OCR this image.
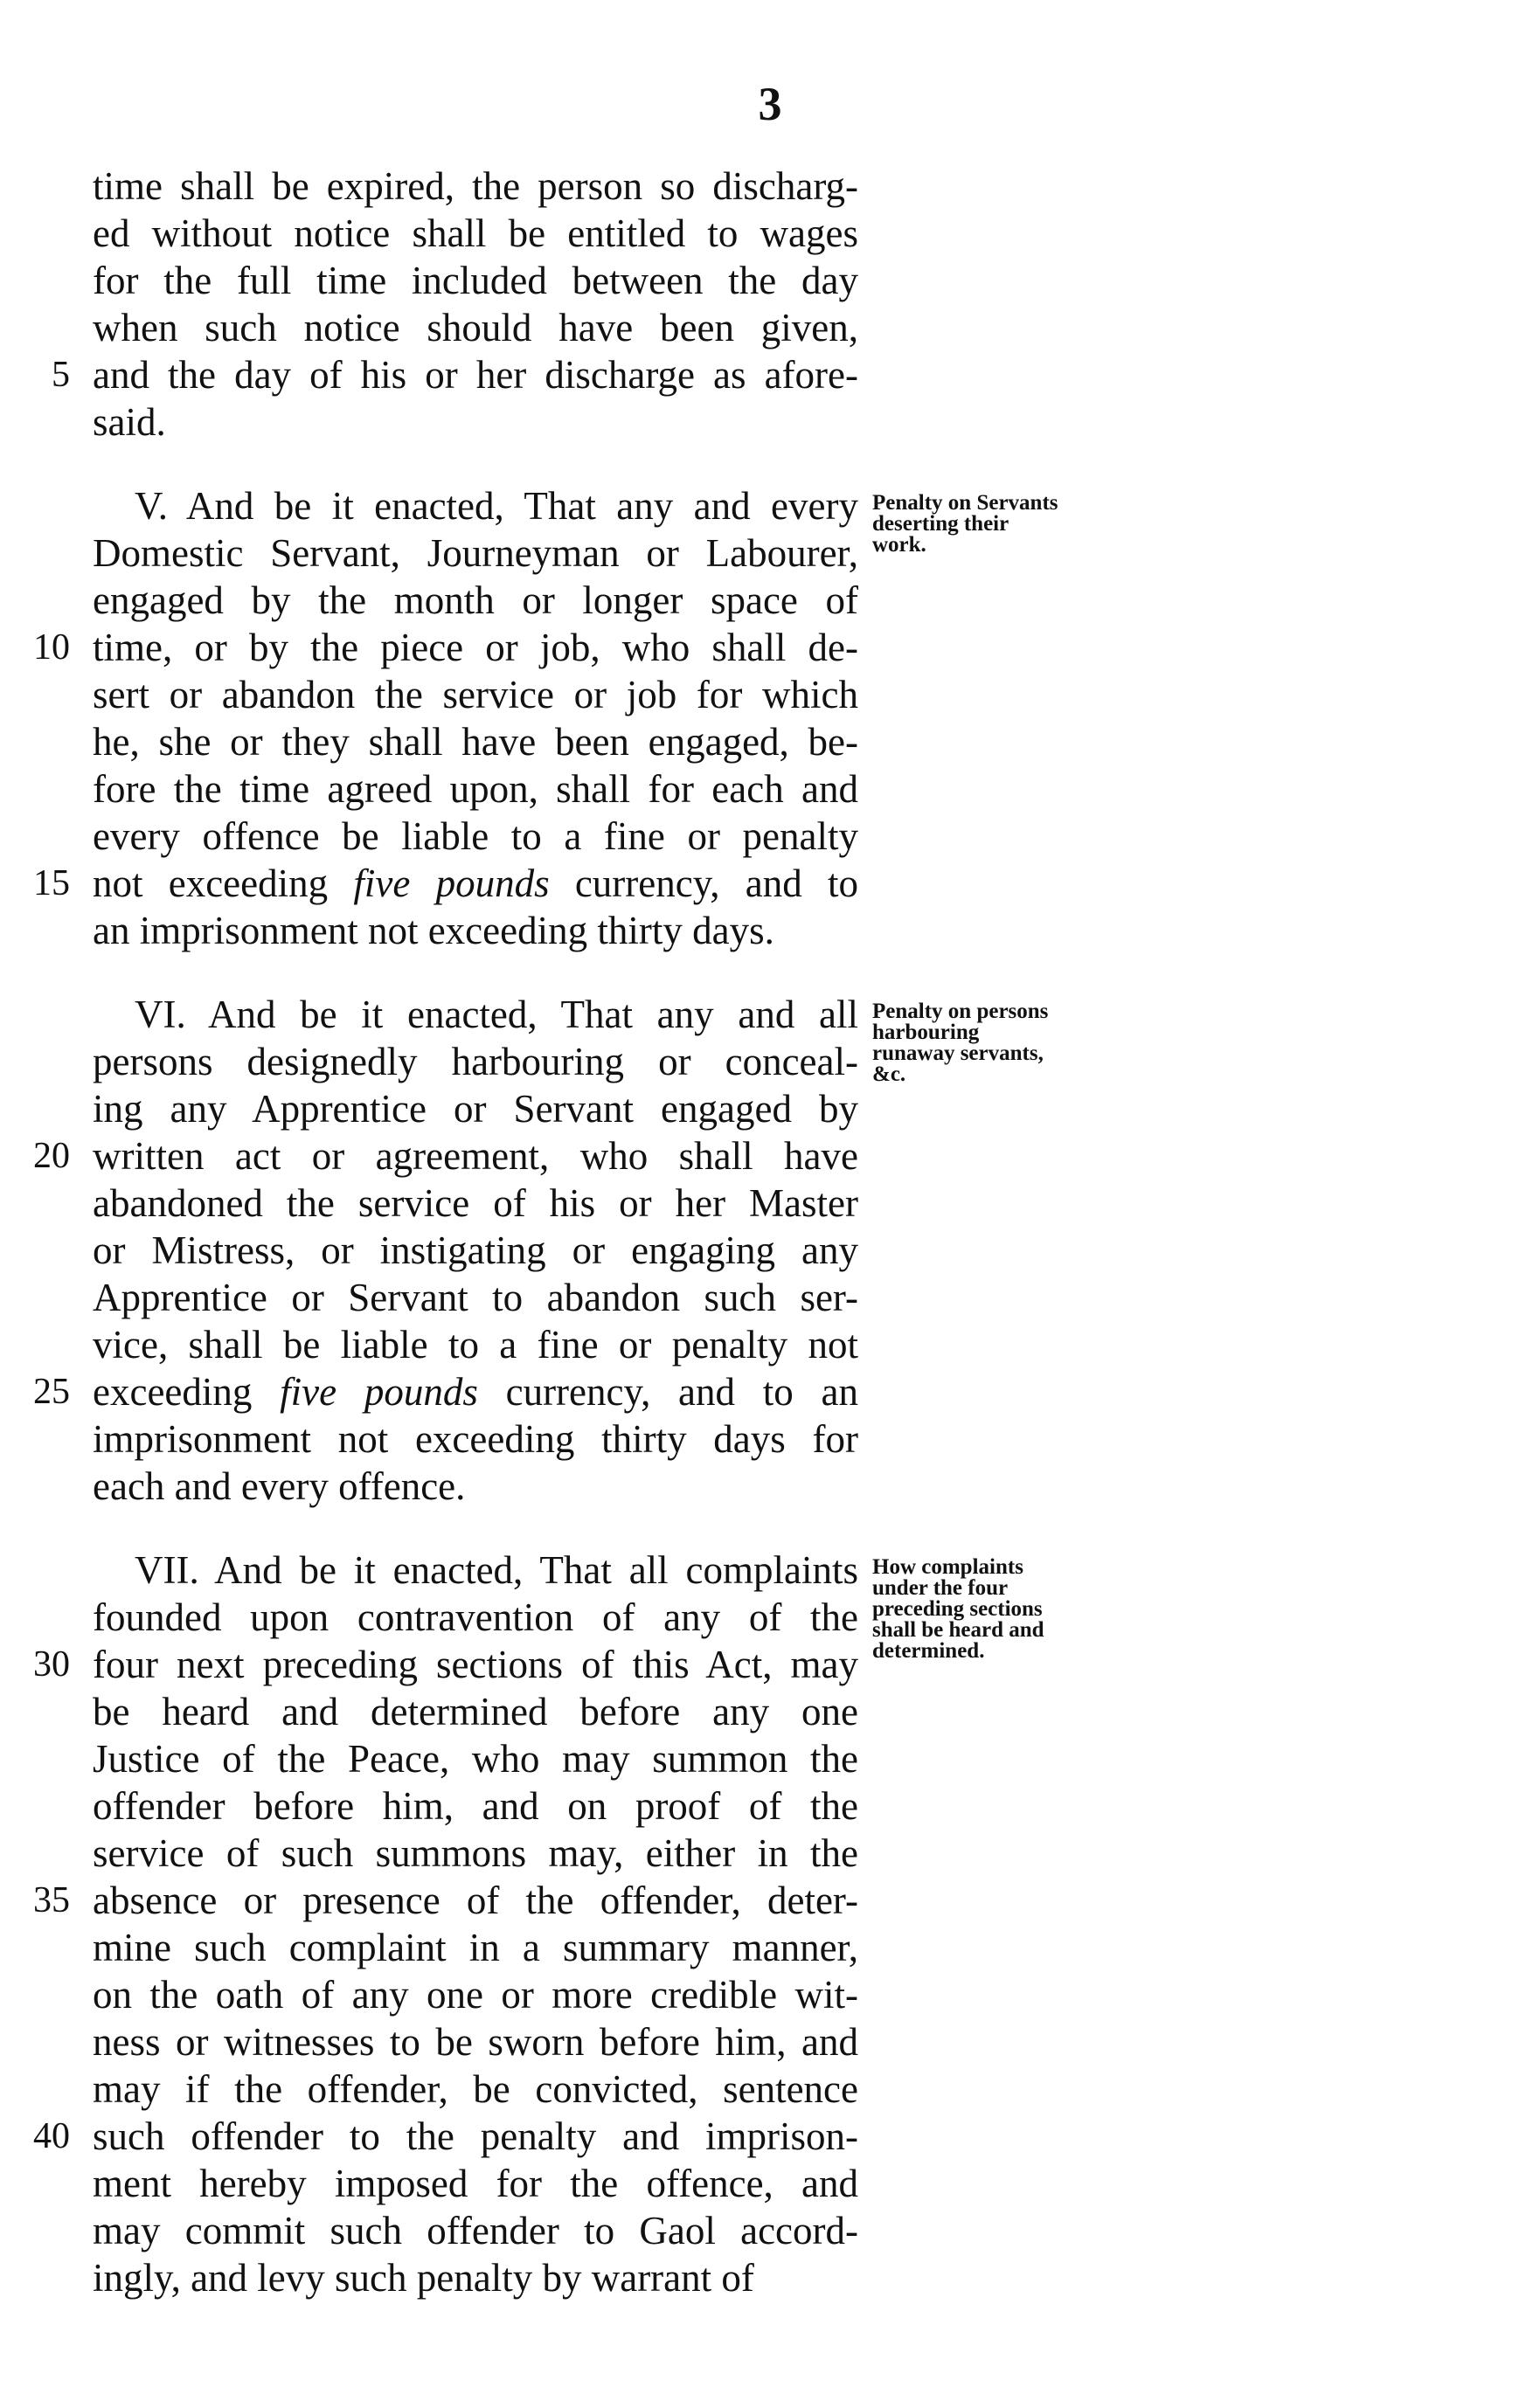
3
time shall be expired, the person so discharg-
ed without notice shall be entitled to wages
for the full time included between the day
when such notice should have been given,
5 and the day of his or her discharge as afore-
said.
V. And be it enacted, That any and every
Domestic Servant, Journeyman or Labourer,
engaged by the month or longer space of
10 time, or by the piece or job, who shall de-
sert or abandon the service or job for which
he, she or they shall have been engaged, be-
fore the time agreed upon, shall for each and
every offence be liable to a fine or penalty
15 not exceeding five pounds currency, and to
an imprisonment not exceeding thirty days.
VI. And be it enacted, That any and all
persons designedly harbouring or conceal-
ing any Apprentice or Servant engaged by
20 written act or agreement, who shall have
abandoned the service of his or her Master
or Mistress, or instigating or engaging any
Apprentice or Servant to abandon such ser-
vice, shall be liable to a fine or penalty not
25 exceeding five pounds currency, and to an
imprisonment not exceeding thirty days for
each and every offence.
VII. And be it enacted, That all complaints
founded upon contravention of any of the
30 four next preceding sections of this Act, may
be heard and determined before any one
Justice of the Peace, who may summon the
offender before him, and on proof of the
service of such summons may, either in the
35 absence or presence of the offender, deter-
mine such complaint in a summary manner,
on the oath of any one or more credible wit-
ness or witnesses to be sworn before him, and
may if the offender, be convicted, sentence
40 such offender to the penalty and imprison-
ment hereby imposed for the offence, and
may commit such offender to Gaol accord-
ingly, and levy such penalty by warrant of
Penalty on Servants deserting their work.
Penalty on persons harbouring runaway servants, &c.
How complaints under the four preceding sections shall be heard and determined.
